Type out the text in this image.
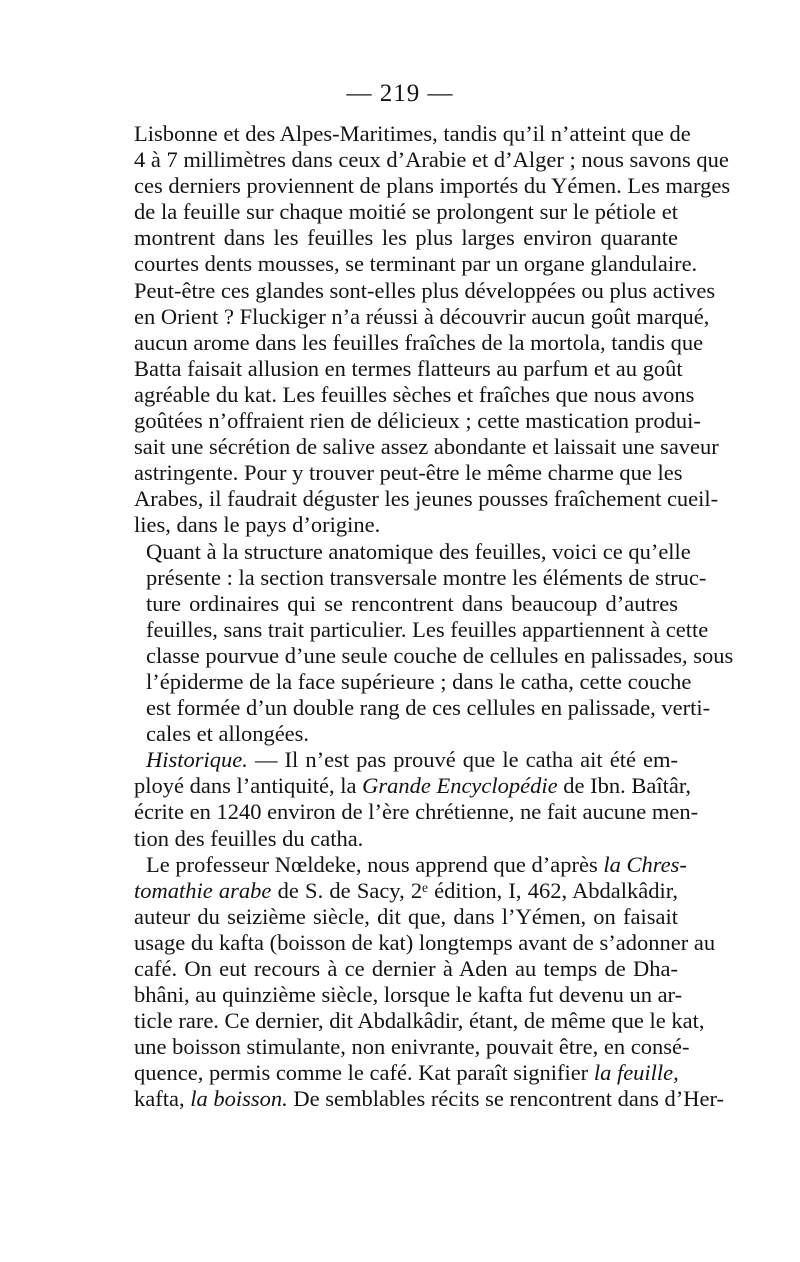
— 219 —

Lisbonne et des Alpes-Maritimes, tandis qu’il n’atteint que de
4 à 7 millimètres dans ceux d’Arabie et d’Alger ; nous savons que
ces derniers proviennent de plans importés du Yémen. Les marges
de la feuille sur chaque moitié se prolongent sur le pétiole et
montrent dans les feuilles les plus larges environ quarante
courtes dents mousses, se terminant par un organe glandulaire.
Peut-être ces glandes sont-elles plus développées ou plus actives
en Orient ? Fluckiger n’a réussi à découvrir aucun goût marqué,
aucun arome dans les feuilles fraîches de la mortola, tandis que
Batta faisait allusion en termes flatteurs au parfum et au goût
agréable du kat. Les feuilles sèches et fraîches que nous avons
goûtées n’offraient rien de délicieux ; cette mastication produi-
sait une sécrétion de salive assez abondante et laissait une saveur
astringente. Pour y trouver peut-être le même charme que les
Arabes, il faudrait déguster les jeunes pousses fraîchement cueil-
lies, dans le pays d’origine.

Quant à la structure anatomique des feuilles, voici ce qu’elle
présente : la section transversale montre les éléments de struc-
ture ordinaires qui se rencontrent dans beaucoup d’autres
feuilles, sans trait particulier. Les feuilles appartiennent à cette
classe pourvue d’une seule couche de cellules en palissades, sous
l’épiderme de la face supérieure ; dans le catha, cette couche
est formée d’un double rang de ces cellules en palissade, verti-
cales et allongées.

Historique. — Il n’est pas prouvé que le catha ait été em-
ployé dans l’antiquité, la Grande Encyclopédie de Ibn. Baîtâr,
écrite en 1240 environ de l’ère chrétienne, ne fait aucune men-
tion des feuilles du catha.

Le professeur Nœldeke, nous apprend que d’après la Chres-
tomathie arabe de S. de Sacy, 2ᵉ édition, I, 462, Abdalkâdir,
auteur du seizième siècle, dit que, dans l’Yémen, on faisait
usage du kafta (boisson de kat) longtemps avant de s’adonner au
café. On eut recours à ce dernier à Aden au temps de Dha-
bhâni, au quinzième siècle, lorsque le kafta fut devenu un ar-
ticle rare. Ce dernier, dit Abdalkâdir, étant, de même que le kat,
une boisson stimulante, non enivrante, pouvait être, en consé-
quence, permis comme le café. Kat paraît signifier la feuille,
kafta, la boisson. De semblables récits se rencontrent dans d’Her-
